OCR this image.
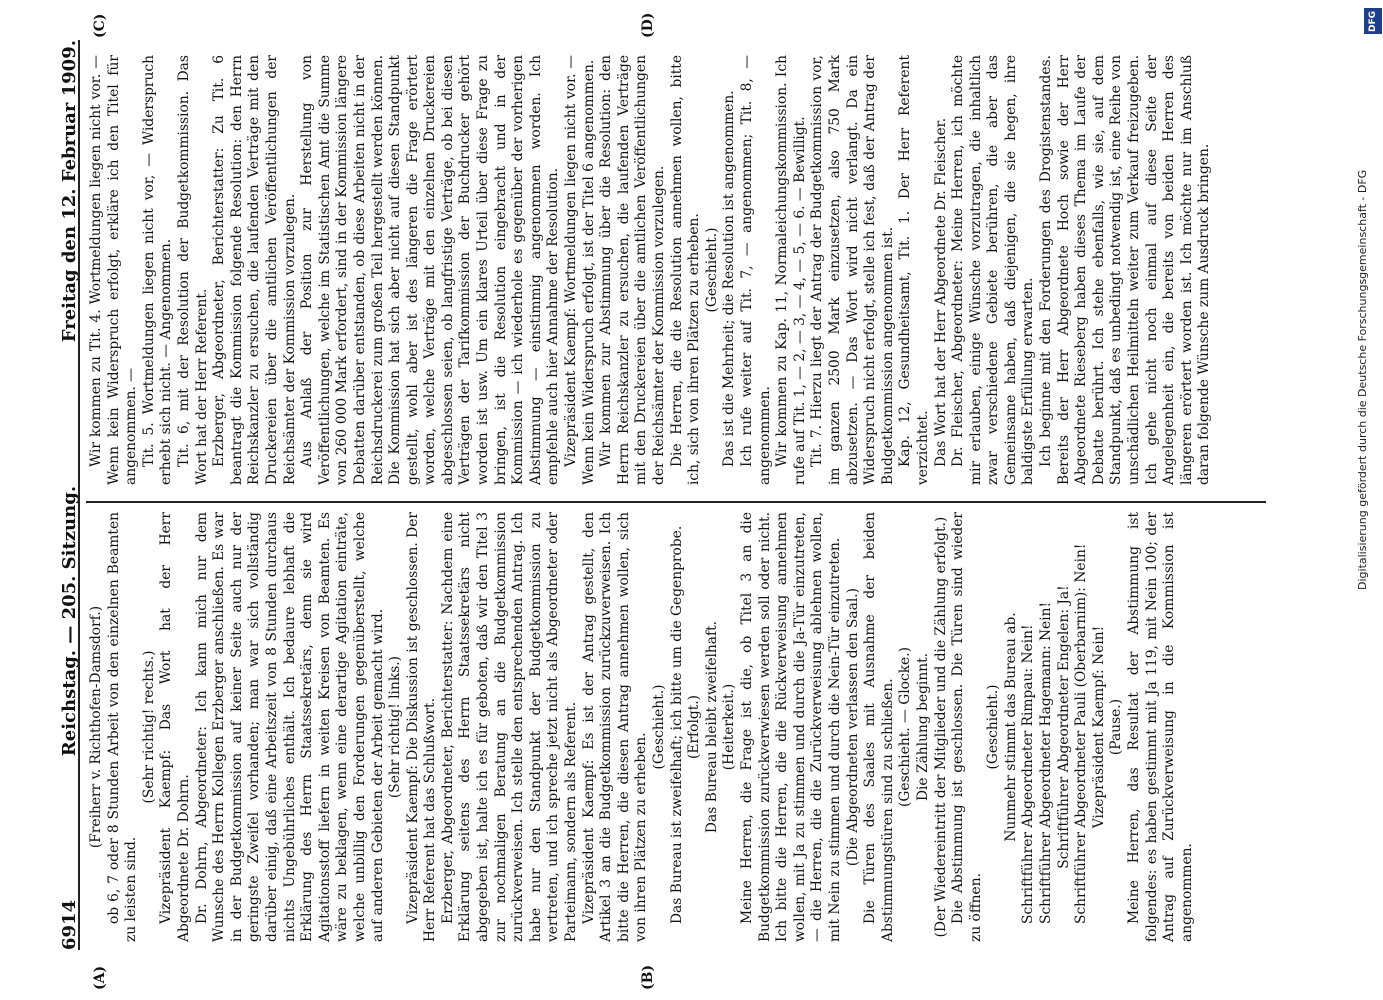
6914
Reichstag. — 205. Sitzung.
Freitag den 12. Februar 1909.
(A)	(B)
(C)	(D)

(Freiherr v. Richthofen-Damsdorf.) ob 6, 7 oder 8 Stunden Arbeit von den einzelnen Beamten zu leisten sind.

(Sehr richtig! rechts.) Vizepräsident Kaempf: Das Wort hat der Herr Abgeordnete Dr. Dohrn. Dr. Dohrn, Abgeordneter: Ich kann mich nur dem Wunsche des Herrn Kollegen Erzberger anschließen. Es war in der Budgetkommission auf keiner Seite auch nur der geringste Zweifel vorhanden; man war sich vollständig darüber einig, daß eine Arbeitszeit von 8 Stunden durchaus nichts Ungebührliches enthält. Ich bedaure lebhaft die Erklärung des Herrn Staatssekretärs, denn sie wird Agitationsstoff liefern in weiten Kreisen von Beamten. Es wäre zu beklagen, wenn eine derartige Agitation einträte, welche unbillig den Forderungen gegenüberstellt, welche auf anderen Gebieten der Arbeit gemacht wird. (Sehr richtig! links.) Vizepräsident Kaempf: Die Diskussion ist geschlossen. Der Herr Referent hat das Schlußwort. Erzberger, Abgeordneter, Berichterstatter: Nachdem eine Erklärung seitens des Herrn Staatssekretärs nicht abgegeben ist, halte ich es für geboten, daß wir den Titel 3 zur nochmaligen Beratung an die Budgetkommission zurückverweisen. Ich stelle den entsprechenden Antrag. Ich habe nur den Standpunkt der Budgetkommission zu vertreten, und ich spreche jetzt nicht als Abgeordneter oder Parteimann, sondern als Referent. Vizepräsident Kaempf: Es ist der Antrag gestellt, den Artikel 3 an die Budgetkommission zurückzuverweisen. Ich bitte die Herren, die diesen Antrag annehmen wollen, sich von ihren Plätzen zu erheben.

(Geschieht.) Das Bureau ist zweifelhaft; ich bitte um die Gegenprobe. (Erfolgt.) Das Bureau bleibt zweifelhaft. (Heiterkeit.) Meine Herren, die Frage ist die, ob Titel 3 an die Budgetkommission zurückverwiesen werden soll oder nicht. Ich bitte die Herren, die die Rückverweisung annehmen wollen, mit Ja zu stimmen und durch die Ja-Tür einzutreten, — die Herren, die die Zurückverweisung ablehnen wollen, mit Nein zu stimmen und durch die Nein-Tür einzutreten. (Die Abgeordneten verlassen den Saal.) Die Türen des Saales mit Ausnahme der beiden Abstimmungstüren sind zu schließen. (Geschieht. — Glocke.) Die Zählung beginnt. (Der Wiedereintritt der Mitglieder und die Zählung erfolgt.) Die Abstimmung ist geschlossen. Die Türen sind wieder zu öffnen.

(Geschieht.) Nunmehr stimmt das Bureau ab. Schriftführer Abgeordneter Rimpau: Nein! Schriftführer Abgeordneter Hagemann: Nein! Schriftführer Abgeordneter Engelen: Ja! Schriftführer Abgeordneter Pauli (Oberbarnim): Nein! Vizepräsident Kaempf: Nein! (Pause.) Meine Herren, das Resultat der Abstimmung ist folgendes: es haben gestimmt mit Ja 119, mit Nein 100; der Antrag auf Zurückverweisung in die Kommission ist angenommen.

Wir kommen zu Tit. 4. Wortmeldungen liegen nicht vor. — Wenn kein Widerspruch erfolgt, erkläre ich den Titel für angenommen. — Tit. 5. Wortmeldungen liegen nicht vor, — Widerspruch erhebt sich nicht. — Angenommen. Tit. 6, mit der Resolution der Budgetkommission. Das Wort hat der Herr Referent. Erzberger, Abgeordneter, Berichterstatter: Zu Tit. 6 beantragt die Kommission folgende Resolution: den Herrn Reichskanzler zu ersuchen, die laufenden Verträge mit den Druckereien über die amtlichen Veröffentlichungen der Reichsämter der Kommission vorzulegen. Aus Anlaß der Position zur Herstellung von Veröffentlichungen, welche im Statistischen Amt die Summe von 260 000 Mark erfordert, sind in der Kommission längere Debatten darüber entstanden, ob diese Arbeiten nicht in der Reichsdruckerei zum großen Teil hergestellt werden können. Die Kommission hat sich aber nicht auf diesen Standpunkt gestellt, wohl aber ist des längeren die Frage erörtert worden, welche Verträge mit den einzelnen Druckereien abgeschlossen seien, ob langfristige Verträge, ob bei diesen Verträgen der Tarifkommission der Buchdrucker gehört worden ist usw. Um ein klares Urteil über diese Frage zu bringen, ist die Resolution eingebracht und in der Kommission — ich wiederhole es gegenüber der vorherigen Abstimmung — einstimmig angenommen worden. Ich empfehle auch hier Annahme der Resolution. Vizepräsident Kaempf: Wortmeldungen liegen nicht vor. — Wenn kein Widerspruch erfolgt, ist der Titel 6 angenommen. Wir kommen zur Abstimmung über die Resolution: den Herrn Reichskanzler zu ersuchen, die laufenden Verträge mit den Druckereien über die amtlichen Veröffentlichungen der Reichsämter der Kommission vorzulegen. Die Herren, die die Resolution annehmen wollen, bitte ich, sich von ihren Plätzen zu erheben. (Geschieht.) Das ist die Mehrheit; die Resolution ist angenommen. Ich rufe weiter auf Tit. 7, — angenommen; Tit. 8, — angenommen. Wir kommen zu Kap. 11, Normaleichungskommission. Ich rufe auf Tit. 1, — 2, — 3, — 4, — 5, — 6. — Bewilligt. Tit. 7. Hierzu liegt der Antrag der Budgetkommission vor, im ganzen 2500 Mark einzusetzen, also 750 Mark abzusetzen. — Das Wort wird nicht verlangt. Da ein Widerspruch nicht erfolgt, stelle ich fest, daß der Antrag der Budgetkommission angenommen ist. Kap. 12, Gesundheitsamt, Tit. 1. Der Herr Referent verzichtet. Das Wort hat der Herr Abgeordnete Dr. Fleischer. Dr. Fleischer, Abgeordneter: Meine Herren, ich möchte mir erlauben, einige Wünsche vorzutragen, die inhaltlich zwar verschiedene Gebiete berühren, die aber das Gemeinsame haben, daß diejenigen, die sie hegen, ihre baldigste Erfüllung erwarten. Ich beginne mit den Forderungen des Drogistenstandes. Bereits der Herr Abgeordnete Hoch sowie der Herr Abgeordnete Rieseberg haben dieses Thema im Laufe der Debatte berührt. Ich stehe ebenfalls, wie sie, auf dem Standpunkt, daß es unbedingt notwendig ist, eine Reihe von unschädlichen Heilmitteln weiter zum Verkauf freizugeben. Ich gehe nicht noch einmal auf diese Seite der Angelegenheit ein, die bereits von beiden Herren des längeren erörtert worden ist. Ich möchte nur im Anschluß daran folgende Wünsche zum Ausdruck bringen.

DFG
Digitalisierung gefördert durch die Deutsche Forschungsgemeinschaft - DFG
